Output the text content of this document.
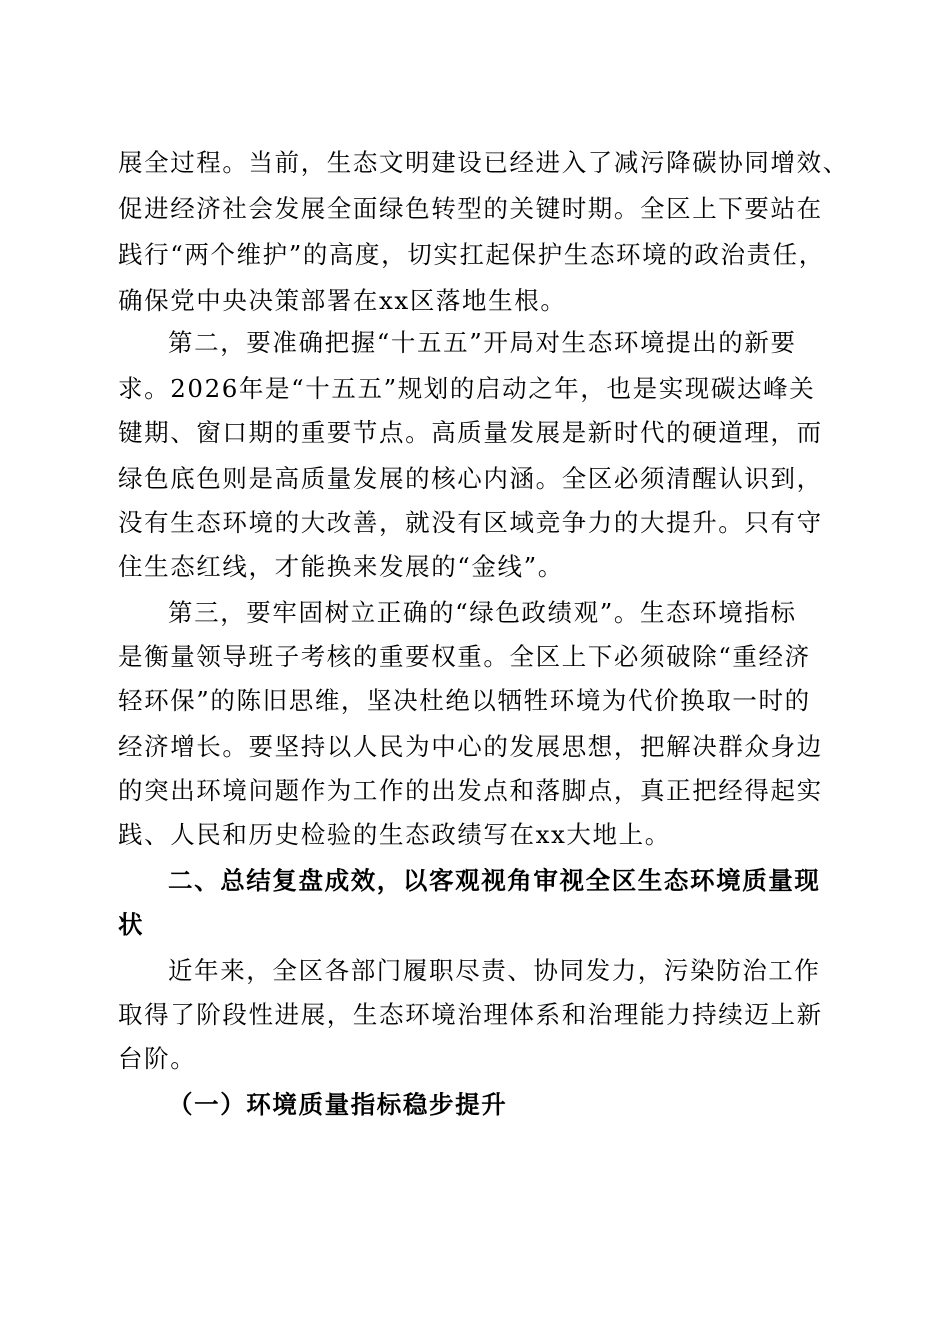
展全过程。当前，生态文明建设已经进入了减污降碳协同增效、
促进经济社会发展全面绿色转型的关键时期。全区上下要站在
践行“两个维护”的高度，切实扛起保护生态环境的政治责任，
确保党中央决策部署在xx区落地生根。
第二，要准确把握“十五五”开局对生态环境提出的新要
求。2026年是“十五五”规划的启动之年，也是实现碳达峰关
键期、窗口期的重要节点。高质量发展是新时代的硬道理，而
绿色底色则是高质量发展的核心内涵。全区必须清醒认识到，
没有生态环境的大改善，就没有区域竞争力的大提升。只有守
住生态红线，才能换来发展的“金线”。
第三，要牢固树立正确的“绿色政绩观”。生态环境指标
是衡量领导班子考核的重要权重。全区上下必须破除“重经济
轻环保”的陈旧思维，坚决杜绝以牺牲环境为代价换取一时的
经济增长。要坚持以人民为中心的发展思想，把解决群众身边
的突出环境问题作为工作的出发点和落脚点，真正把经得起实
践、人民和历史检验的生态政绩写在xx大地上。
二、总结复盘成效，以客观视角审视全区生态环境质量现
状
近年来，全区各部门履职尽责、协同发力，污染防治工作
取得了阶段性进展，生态环境治理体系和治理能力持续迈上新
台阶。
（一）环境质量指标稳步提升
